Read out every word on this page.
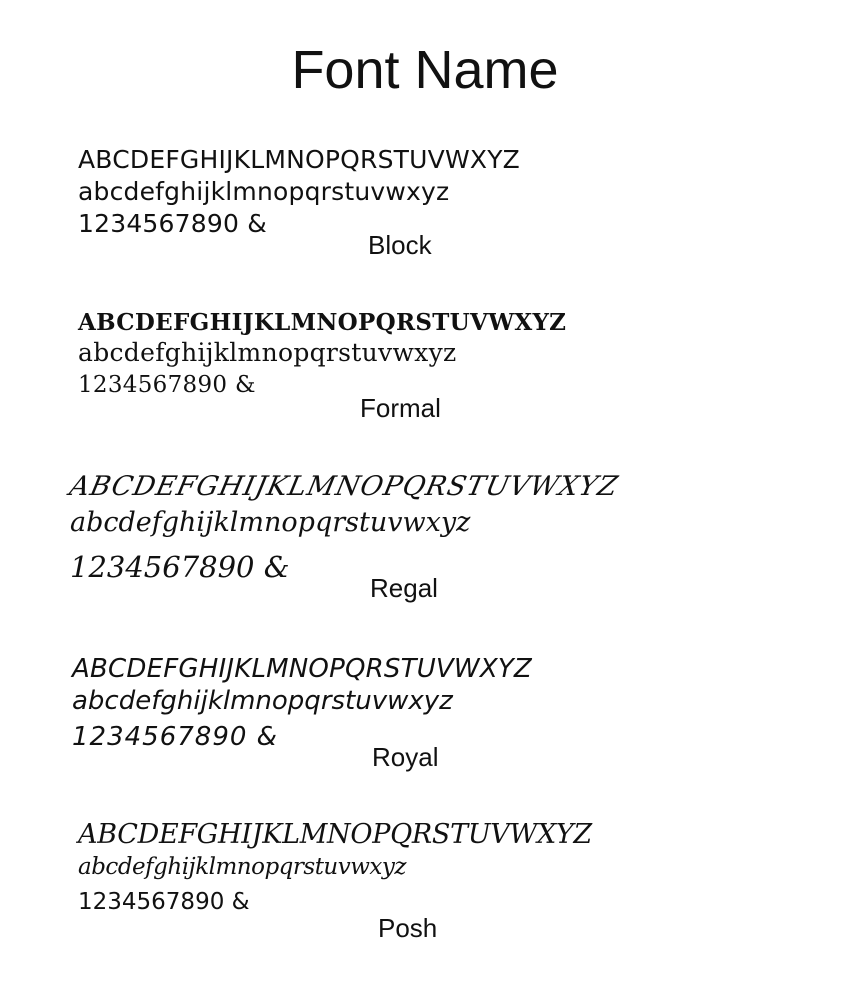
Font Name

ABCDEFGHIJKLMNOPQRSTUVWXYZ

abcdefghijklmnopqrstuvwxyz

1234567890 &

Block

ABCDEFGHIJKLMNOPQRSTUVWXYZ

abcdefghijklmnopqrstuvwxyz

1234567890 &

Formal

ABCDEFGHIJKLMNOPQRSTUVWXYZ

abcdefghijklmnopqrstuvwxyz

1234567890 &

Regal

ABCDEFGHIJKLMNOPQRSTUVWXYZ

abcdefghijklmnopqrstuvwxyz

1234567890 &

Royal

ABCDEFGHIJKLMNOPQRSTUVWXYZ

abcdefghijklmnopqrstuvwxyz

1234567890 &

Posh
